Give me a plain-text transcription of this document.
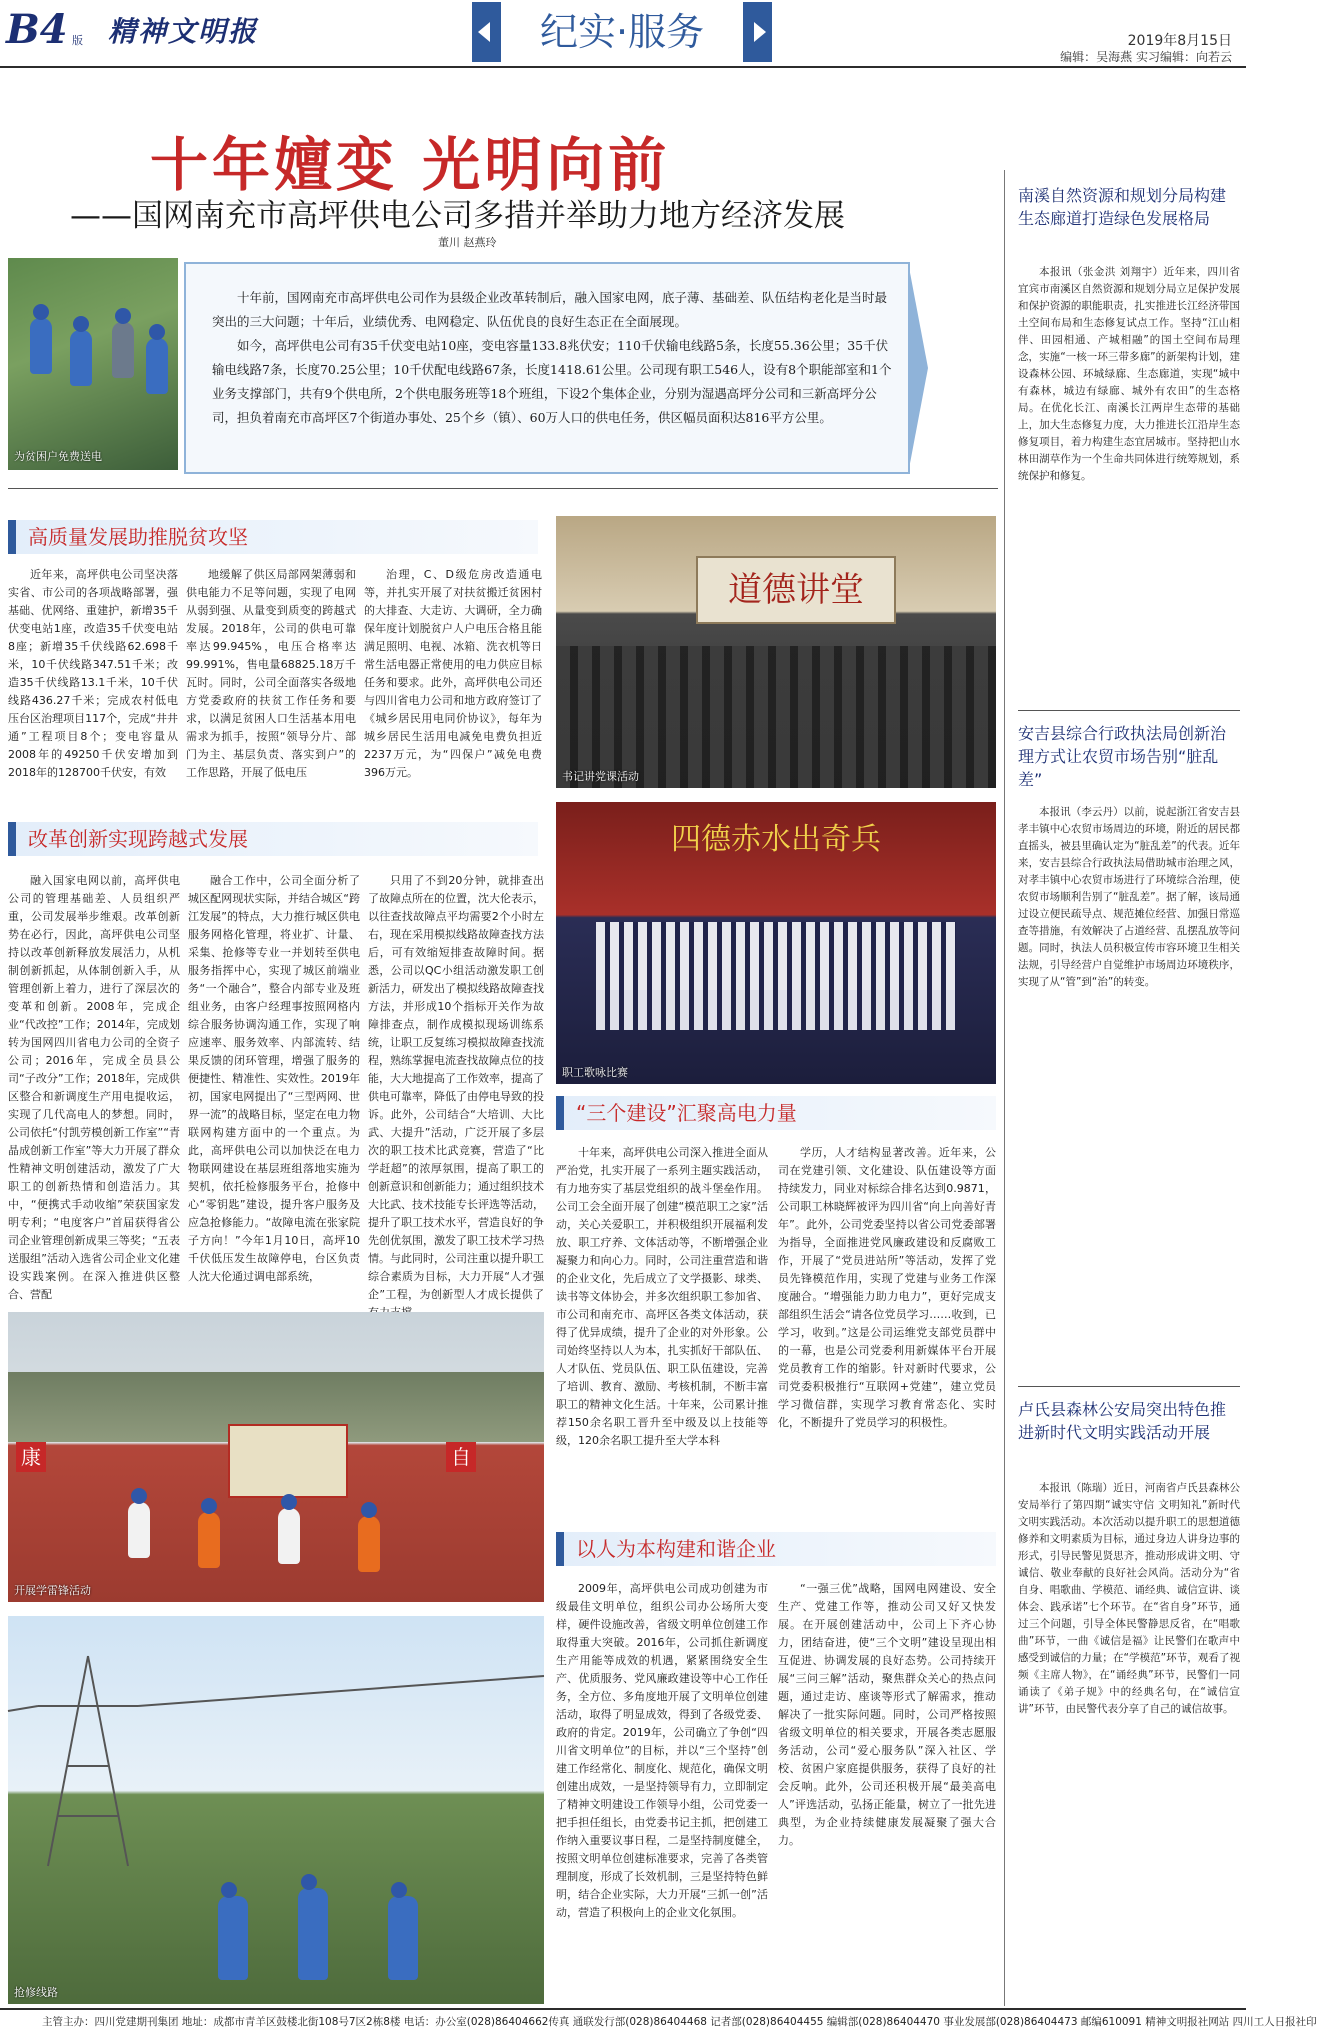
B4 版 精神文明报	纪实·服务	2019年8月15日
编辑：吴海燕 实习编辑：向若云
十年嬗变 光明向前
——国网南充市高坪供电公司多措并举助力地方经济发展
董川 赵燕玲
为贫困户免费送电

十年前，国网南充市高坪供电公司作为县级企业改革转制后，融入国家电网，底子薄、基础差、队伍结构老化是当时最突出的三大问题；十年后，业绩优秀、电网稳定、队伍优良的良好生态正在全面展现。

如今，高坪供电公司有35千伏变电站10座，变电容量133.8兆伏安；110千伏输电线路5条，长度55.36公里；35千伏输电线路7条，长度70.25公里；10千伏配电线路67条，长度1418.61公里。公司现有职工546人，设有8个职能部室和1个业务支撑部门，共有9个供电所，2个供电服务班等18个班组，下设2个集体企业，分别为湿遇高坪分公司和三新高坪分公司，担负着南充市高坪区7个街道办事处、25个乡（镇）、60万人口的供电任务，供区幅员面积达816平方公里。

高质量发展助推脱贫攻坚

近年来，高坪供电公司坚决落实省、市公司的各项战略部署，强基础、优网络、重建护，新增35千伏变电站1座，改造35千伏变电站8座；新增35千伏线路62.698千米，10千伏线路347.51千米；改造35千伏线路13.1千米，10千伏线路436.27千米；完成农村低电压台区治理项目117个，完成“井井通”工程项目8个；变电容量从2008年的49250千伏安增加到2018年的128700千伏安，有效

地缓解了供区局部网架薄弱和供电能力不足等问题，实现了电网从弱到强、从量变到质变的跨越式发展。2018年，公司的供电可靠率达99.945%，电压合格率达99.991%，售电量68825.18万千瓦时。同时，公司全面落实各级地方党委政府的扶贫工作任务和要求，以满足贫困人口生活基本用电需求为抓手，按照“领导分片、部门为主、基层负责、落实到户”的工作思路，开展了低电压

治理，C、D级危房改造通电等，并扎实开展了对扶贫搬迁贫困村的大排查、大走访、大调研，全力确保年度计划脱贫户人户电压合格且能满足照明、电视、冰箱、洗衣机等日常生活电器正常使用的电力供应目标任务和要求。此外，高坪供电公司还与四川省电力公司和地方政府签订了《城乡居民用电同价协议》，每年为城乡居民生活用电减免电费负担近2237万元，为“四保户”减免电费396万元。

道德讲堂
书记讲党课活动
四德赤水出奇兵
职工歌咏比赛
改革创新实现跨越式发展

融入国家电网以前，高坪供电公司的管理基础差、人员组织严重，公司发展举步维艰。改革创新势在必行，因此，高坪供电公司坚持以改革创新释放发展活力，从机制创新抓起，从体制创新入手，从管理创新上着力，进行了深层次的变革和创新。2008年，完成企业“代改控”工作；2014年，完成划转为国网四川省电力公司的全资子公司；2016年，完成全员县公司“子改分”工作；2018年，完成供区整合和新调度生产用电提收运，实现了几代高电人的梦想。同时，公司依托“付凯劳模创新工作室”“青晶成创新工作室”等大力开展了群众性精神文明创建活动，激发了广大职工的创新热情和创造活力。其中，“便携式手动收缩”荣获国家发明专利；“电度客户”首届获得省公司企业管理创新成果三等奖；“五表送服组”活动入选省公司企业文化建设实践案例。在深入推进供区整合、营配

融合工作中，公司全面分析了城区配网现状实际，并结合城区“跨江发展”的特点，大力推行城区供电服务网格化管理，将业扩、计量、采集、抢修等专业一并划转至供电服务指挥中心，实现了城区前端业务“一个融合”，整合内部专业及班组业务，由客户经理事按照网格内综合服务协调沟通工作，实现了响应速率、服务效率、内部流转、结果反馈的闭环管理，增强了服务的便捷性、精准性、实效性。2019年初，国家电网提出了“三型两网、世界一流”的战略目标，坚定在电力物联网构建方面中的一个重点。为此，高坪供电公司以加快泛在电力物联网建设在基层班组落地实施为契机，依托检修服务平台，抢修中心“零钥匙”建设，提升客户服务及应急抢修能力。“故障电流在张家院子方向！”今年1月10日，高坪10千伏低压发生故障停电，台区负责人沈大伦通过调电部系统，

只用了不到20分钟，就排查出了故障点所在的位置，沈大伦表示，以往查找故障点平均需要2个小时左右，现在采用模拟线路故障查找方法后，可有效缩短排查故障时间。据悉，公司以QC小组活动激发职工创新活力，研发出了模拟线路故障查找方法，并形成10个指标开关作为故障排查点，制作成模拟现场训练系统，让职工反复练习模拟故障查找流程，熟练掌握电流查找故障点位的技能，大大地提高了工作效率，提高了供电可靠率，降低了由停电导致的投诉。此外，公司结合“大培训、大比武、大提升”活动，广泛开展了多层次的职工技术比武竞赛，营造了“比学赶超”的浓厚氛围，提高了职工的创新意识和创新能力；通过组织技术大比武、技术技能专长评选等活动，提升了职工技术水平，营造良好的争先创优氛围，激发了职工技术学习热情。与此同时，公司注重以提升职工综合素质为目标，大力开展“人才强企”工程，为创新型人才成长提供了

康	自
开展学雷锋活动
抢修线路
“三个建设”汇聚高电力量

十年来，高坪供电公司深入推进全面从严治党，扎实开展了一系列主题实践活动，有力地夯实了基层党组织的战斗堡垒作用。公司工会全面开展了创建“模范职工之家”活动，关心关爱职工，并积极组织开展福利发放、职工疗养、文体活动等，不断增强企业凝聚力和向心力。同时，公司注重营造和谐的企业文化，先后成立了文学摄影、球类、读书等文体协会，并多次组织职工参加省、市公司和南充市、高坪区各类文体活动，获得了优异成绩，提升了企业的对外形象。公司始终坚持以人为本，扎实抓好干部队伍、人才队伍、党员队伍、职工队伍建设，完善了培训、教育、激励、考核机制，不断丰富职工的精神文化生活。十年来，公司累计推荐150余名职工晋升至中级及以上技能等级，120余名职工提升至大学本科

学历，人才结构显著改善。近年来，公司在党建引领、文化建设、队伍建设等方面持续发力，同业对标综合排名达到0.9871，公司职工林晓辉被评为四川省“向上向善好青年”。此外，公司党委坚持以省公司党委部署为指导，全面推进党风廉政建设和反腐败工作，开展了“党员进站所”等活动，发挥了党员先锋模范作用，实现了党建与业务工作深度融合。“增强能力助力电力”，更好完成支部组织生活会“请各位党员学习……收到，已学习，收到。”这是公司运维党支部党员群中的一幕，也是公司党委利用新媒体平台开展党员教育工作的缩影。针对新时代要求，公司党委积极推行“互联网+党建”，建立党员学习微信群，实现学习教育常态化、实时化，不断提升了党员学习的积极性。

以人为本构建和谐企业

2009年，高坪供电公司成功创建为市级最佳文明单位，组织公司办公场所大变样，硬件设施改善，省级文明单位创建工作取得重大突破。2016年，公司抓住新调度生产用能等成效的机遇，紧紧围绕安全生产、优质服务、党风廉政建设等中心工作任务，全方位、多角度地开展了文明单位创建活动，取得了明显成效，得到了各级党委、政府的肯定。2019年，公司确立了争创“四川省文明单位”的目标，并以“三个坚持”创建工作经常化、制度化、规范化，确保文明创建出成效，一是坚持领导有力，立即制定了精神文明建设工作领导小组，公司党委一把手担任组长，由党委书记主抓，把创建工作纳入重要议事日程，二是坚持制度健全，按照文明单位创建标准要求，完善了各类管理制度，形成了长效机制，三是坚持特色鲜明，结合企业实际，大力开展“三抓一创”活动，营造了积极向上的企业文化氛围。

“一强三优”战略，国网电网建设、安全生产、党建工作等，推动公司又好又快发展。在开展创建活动中，公司上下齐心协力，团结奋进，使“三个文明”建设呈现出相互促进、协调发展的良好态势。公司持续开展“三问三解”活动，聚焦群众关心的热点问题，通过走访、座谈等形式了解需求，推动解决了一批实际问题。同时，公司严格按照省级文明单位的相关要求，开展各类志愿服务活动，公司“爱心服务队”深入社区、学校、贫困户家庭提供服务，获得了良好的社会反响。此外，公司还积极开展“最美高电人”评选活动，弘扬正能量，树立了一批先进典型，为企业持续健康发展凝聚了强大合力。

南溪自然资源和规划分局构建生态廊道打造绿色发展格局

本报讯（张金洪 刘翔宇）近年来，四川省宜宾市南溪区自然资源和规划分局立足保护发展和保护资源的职能职责，扎实推进长江经济带国土空间布局和生态修复试点工作。坚持“江山相伴、田园相通、产城相融”的国土空间布局理念，实施“一核一环三带多廊”的新架构计划，建设森林公园、环城绿廊、生态廊道，实现“城中有森林，城边有绿廊、城外有农田”的生态格局。在优化长江、南溪长江两岸生态带的基础上，加大生态修复力度，大力推进长江沿岸生态修复项目，着力构建生态宜居城市。坚持把山水林田湖草作为一个生命共同体进行统筹规划，系统保护和修复。

安吉县综合行政执法局创新治理方式让农贸市场告别“脏乱差”

本报讯（李云丹）以前，说起浙江省安吉县孝丰镇中心农贸市场周边的环境，附近的居民都直摇头，被县里确认定为“脏乱差”的代表。近年来，安吉县综合行政执法局借助城市治理之风，对孝丰镇中心农贸市场进行了环境综合治理，使农贸市场顺利告别了“脏乱差”。据了解，该局通过设立便民疏导点、规范摊位经营、加强日常巡查等措施，有效解决了占道经营、乱摆乱放等问题。同时，执法人员积极宣传市容环境卫生相关法规，引导经营户自觉维护市场周边环境秩序，实现了从“管”到“治”的转变。

卢氏县森林公安局突出特色推进新时代文明实践活动开展

本报讯（陈瑞）近日，河南省卢氏县森林公安局举行了第四期“诚实守信 文明知礼”新时代文明实践活动。本次活动以提升职工的思想道德修养和文明素质为目标，通过身边人讲身边事的形式，引导民警见贤思齐，推动形成讲文明、守诚信、敬业奉献的良好社会风尚。活动分为“省自身、唱歌曲、学模范、诵经典、诚信宣讲、谈体会、践承诺”七个环节。在“省自身”环节，通过三个问题，引导全体民警静思反省，在“唱歌曲”环节，一曲《诚信是福》让民警们在歌声中感受到诚信的力量；在“学模范”环节，观看了视频《主席人物》，在“诵经典”环节，民警们一同诵读了《弟子规》中的经典名句，在“诚信宣讲”环节，由民警代表分享了自己的诚信故事。

主管主办：四川党建期刊集团 地址：成都市青羊区鼓楼北街108号7区2栋8楼 电话：办公室(028)86404662传真 通联发行部(028)86404468 记者部(028)86404455 编辑部(028)86404470 事业发展部(028)86404473 邮编610091 精神文明报社网站 四川工人日报社印
